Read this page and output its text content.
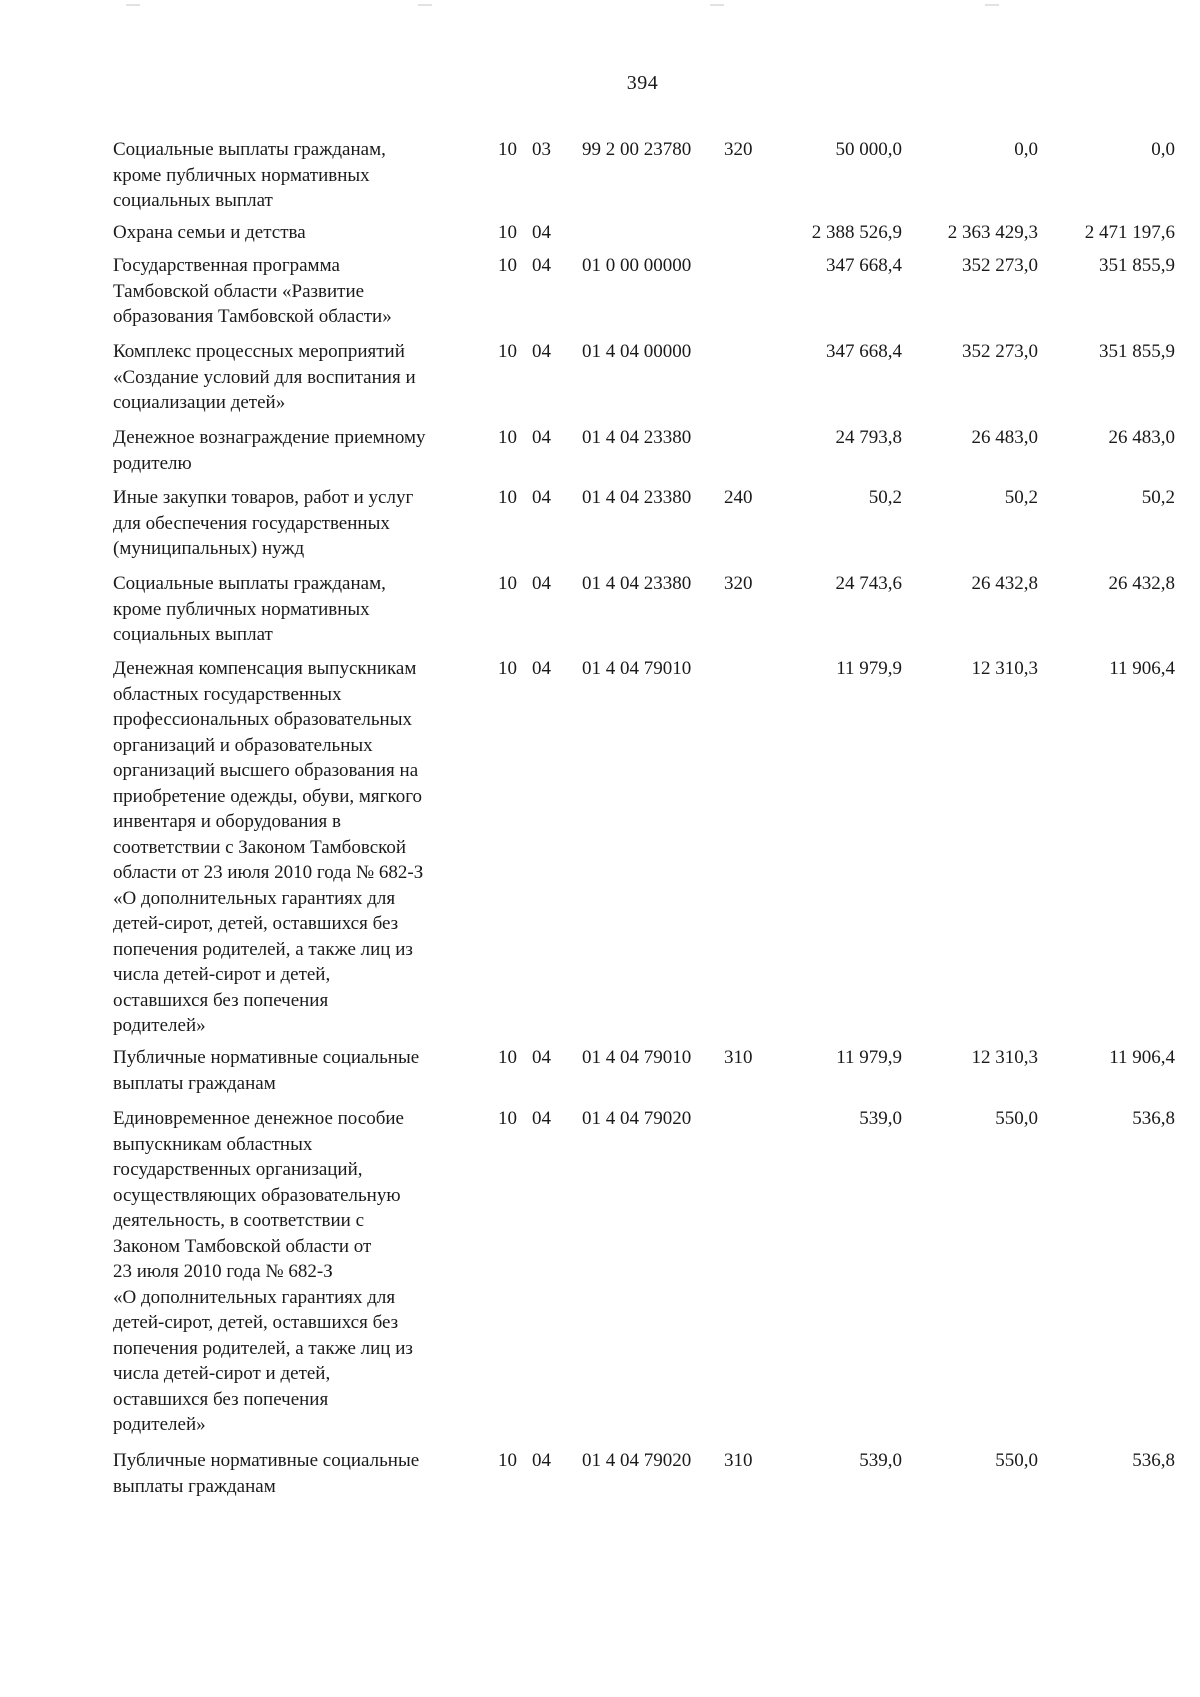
394
Социальные выплаты гражданам,
кроме публичных нормативных
социальных выплат
10 03	99 2 00 23780	320	50 000,0	0,0	0,0
Охрана семьи и детства	10 04	2 388 526,9	2 363 429,3	2 471 197,6
Государственная программа
Тамбовской области «Развитие
образования Тамбовской области»
10 04	01 0 00 00000	347 668,4	352 273,0	351 855,9
Комплекс процессных мероприятий
«Создание условий для воспитания и
социализации детей»
10 04	01 4 04 00000	347 668,4	352 273,0	351 855,9
Денежное вознаграждение приемному
родителю
10 04	01 4 04 23380	24 793,8	26 483,0	26 483,0
Иные закупки товаров, работ и услуг
для обеспечения государственных
(муниципальных) нужд
10 04	01 4 04 23380	240	50,2	50,2	50,2
Социальные выплаты гражданам,
кроме публичных нормативных
социальных выплат
10 04	01 4 04 23380	320	24 743,6	26 432,8	26 432,8
Денежная компенсация выпускникам
областных государственных
профессиональных образовательных
организаций и образовательных
организаций высшего образования на
приобретение одежды, обуви, мягкого
инвентаря и оборудования в
соответствии с Законом Тамбовской
области от 23 июля 2010 года № 682-З
«О дополнительных гарантиях для
детей-сирот, детей, оставшихся без
попечения родителей, а также лиц из
числа детей-сирот и детей,
оставшихся без попечения
родителей»
10 04	01 4 04 79010	11 979,9	12 310,3	11 906,4
Публичные нормативные социальные
выплаты гражданам
10 04	01 4 04 79010	310	11 979,9	12 310,3	11 906,4
Единовременное денежное пособие
выпускникам областных
государственных организаций,
осуществляющих образовательную
деятельность, в соответствии с
Законом Тамбовской области от
23 июля 2010 года № 682-З
«О дополнительных гарантиях для
детей-сирот, детей, оставшихся без
попечения родителей, а также лиц из
числа детей-сирот и детей,
оставшихся без попечения
родителей»
10 04	01 4 04 79020	539,0	550,0	536,8
Публичные нормативные социальные
выплаты гражданам
10 04	01 4 04 79020	310	539,0	550,0	536,8
